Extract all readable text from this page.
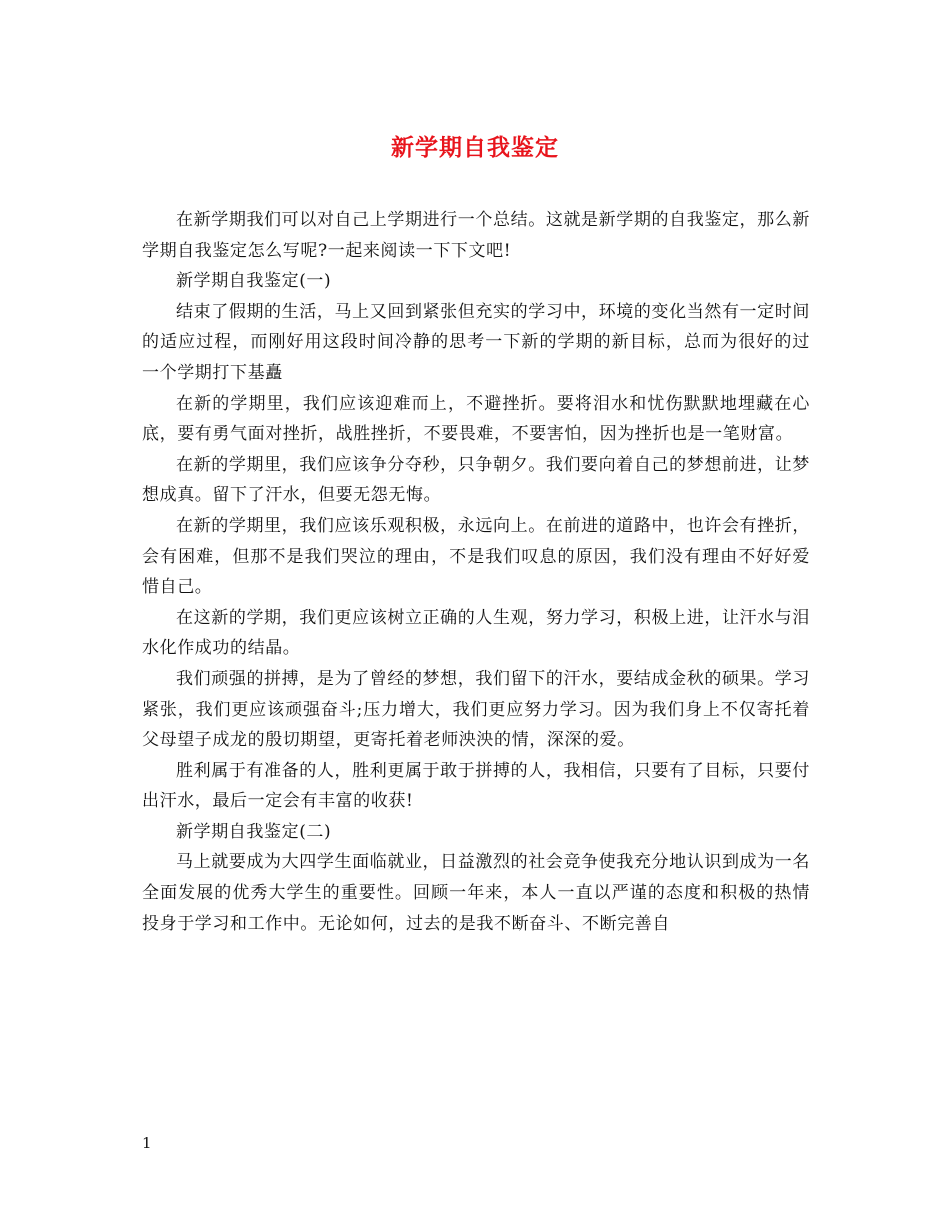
新学期自我鉴定

在新学期我们可以对自己上学期进行一个总结。这就是新学期的自我鉴定，那么新学期自我鉴定怎么写呢?一起来阅读一下下文吧!

新学期自我鉴定(一)

结束了假期的生活，马上又回到紧张但充实的学习中，环境的变化当然有一定时间的适应过程，而刚好用这段时间冷静的思考一下新的学期的新目标，总而为很好的过一个学期打下基矗

在新的学期里，我们应该迎难而上，不避挫折。要将泪水和忧伤默默地埋藏在心底，要有勇气面对挫折，战胜挫折，不要畏难，不要害怕，因为挫折也是一笔财富。

在新的学期里，我们应该争分夺秒，只争朝夕。我们要向着自己的梦想前进，让梦想成真。留下了汗水，但要无怨无悔。

在新的学期里，我们应该乐观积极，永远向上。在前进的道路中，也许会有挫折，会有困难，但那不是我们哭泣的理由，不是我们叹息的原因，我们没有理由不好好爱惜自己。

在这新的学期，我们更应该树立正确的人生观，努力学习，积极上进，让汗水与泪水化作成功的结晶。

我们顽强的拼搏，是为了曾经的梦想，我们留下的汗水，要结成金秋的硕果。学习紧张，我们更应该顽强奋斗;压力增大，我们更应努力学习。因为我们身上不仅寄托着父母望子成龙的殷切期望，更寄托着老师泱泱的情，深深的爱。

胜利属于有准备的人，胜利更属于敢于拼搏的人，我相信，只要有了目标，只要付出汗水，最后一定会有丰富的收获!

新学期自我鉴定(二)

马上就要成为大四学生面临就业，日益激烈的社会竞争使我充分地认识到成为一名全面发展的优秀大学生的重要性。回顾一年来，本人一直以严谨的态度和积极的热情投身于学习和工作中。无论如何，过去的是我不断奋斗、不断完善自

1
